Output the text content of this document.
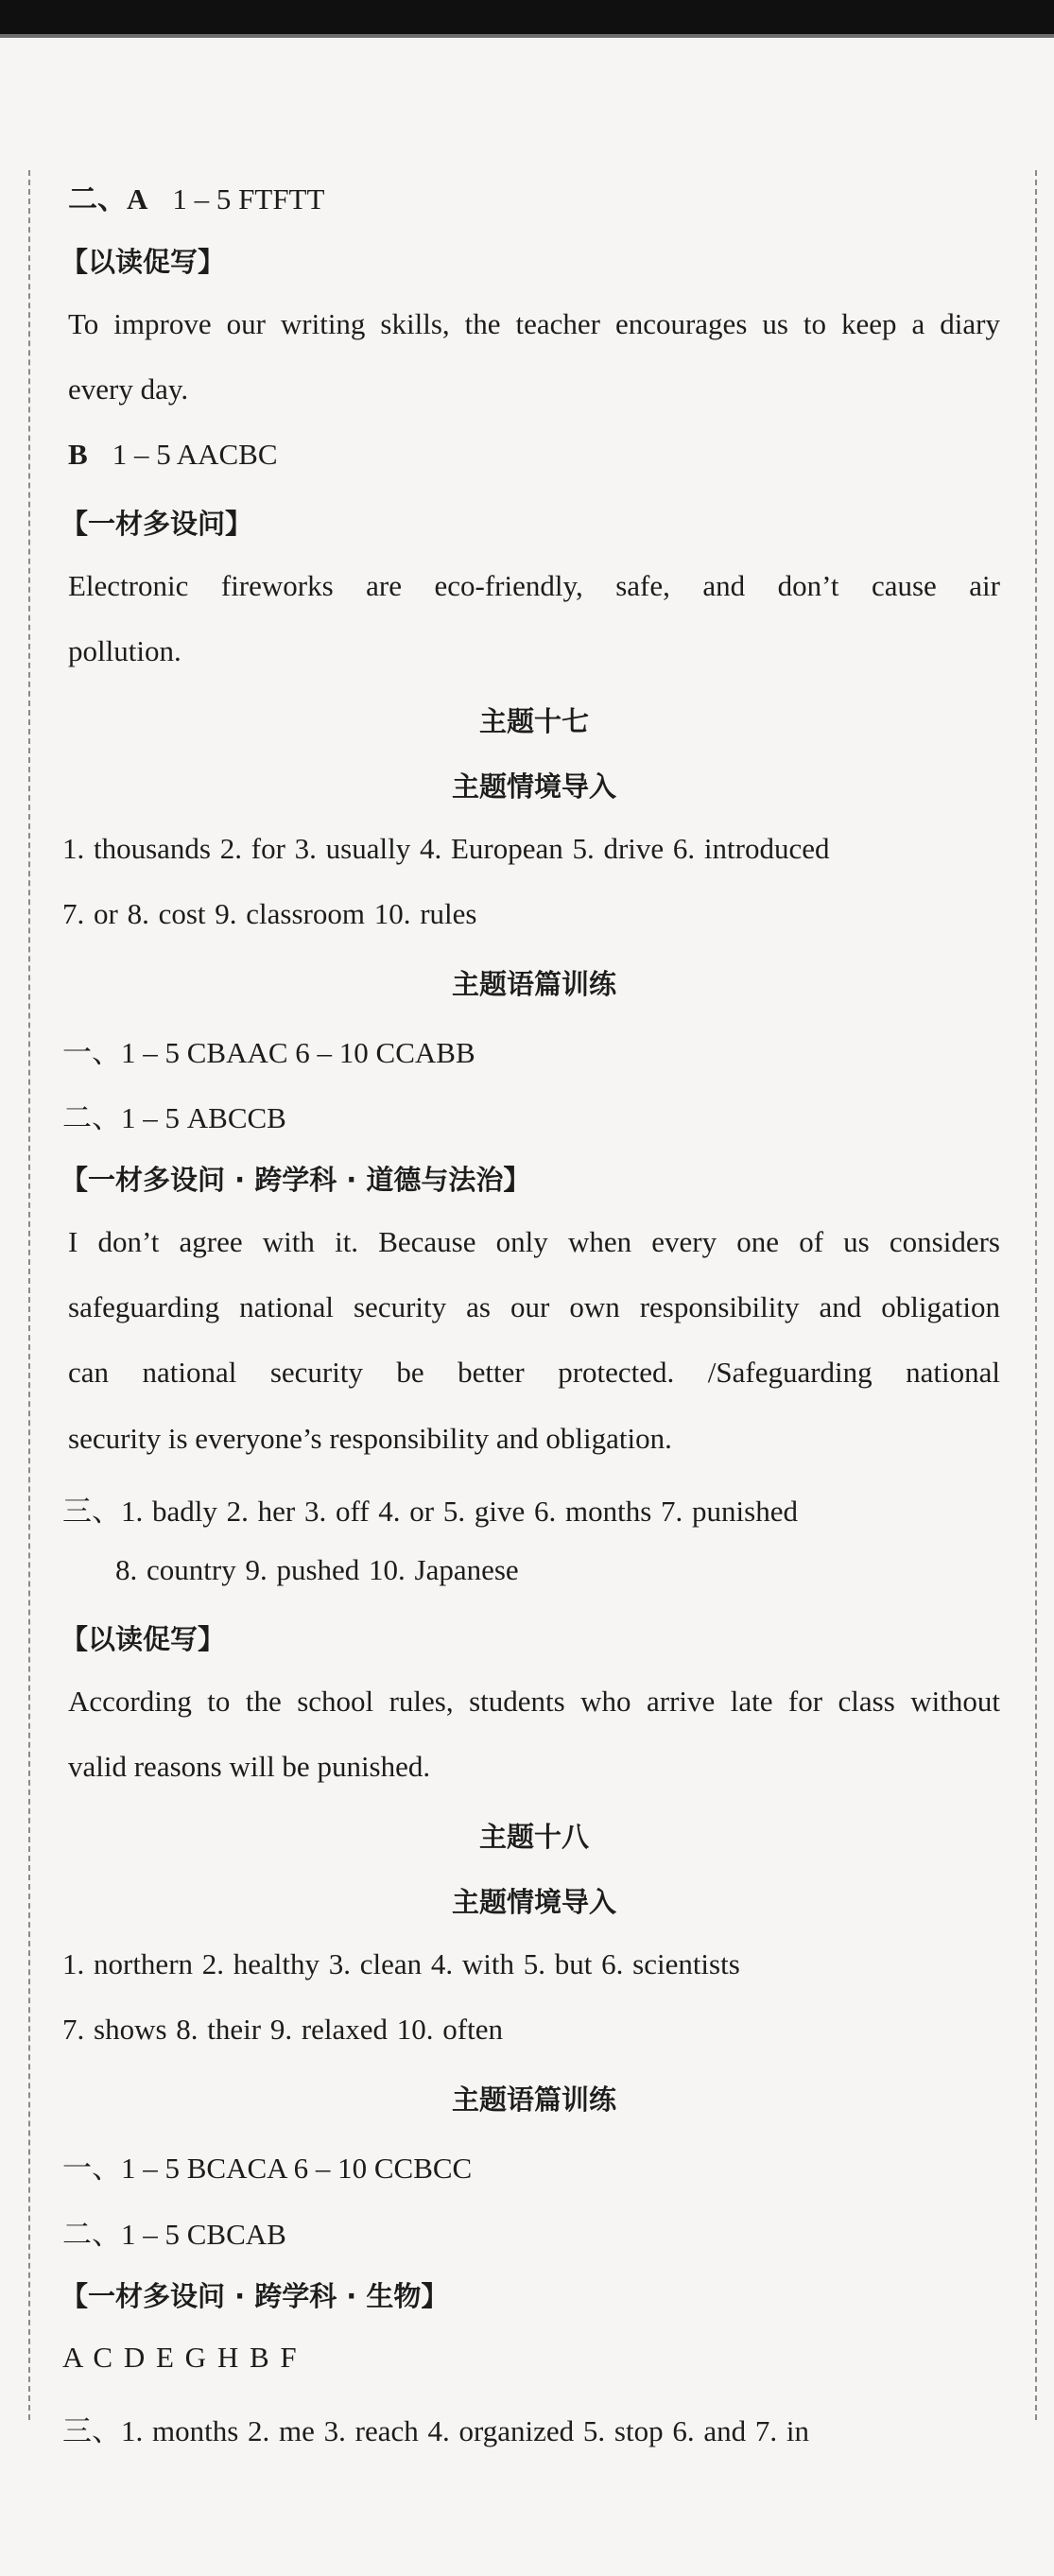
二、A 1 – 5 FTFTT
【以读促写】
To improve our writing skills, the teacher encourages us to keep a diary
every day.
B 1 – 5 AACBC
【一材多设问】
Electronic fireworks are eco-friendly, safe, and don’t cause air
pollution.
主题十七
主题情境导入
1. thousands 2. for 3. usually 4. European 5. drive 6. introduced
7. or 8. cost 9. classroom 10. rules
主题语篇训练
一、1 – 5 CBAAC 6 – 10 CCABB
二、1 – 5 ABCCB
【一材多设问 · 跨学科 · 道德与法治】
I don’t agree with it. Because only when every one of us considers
safeguarding national security as our own responsibility and obligation
can national security be better protected. /Safeguarding national
security is everyone’s responsibility and obligation.
三、1. badly 2. her 3. off 4. or 5. give 6. months 7. punished
8. country 9. pushed 10. Japanese
【以读促写】
According to the school rules, students who arrive late for class without
valid reasons will be punished.
主题十八
主题情境导入
1. northern 2. healthy 3. clean 4. with 5. but 6. scientists
7. shows 8. their 9. relaxed 10. often
主题语篇训练
一、1 – 5 BCACA 6 – 10 CCBCC
二、1 – 5 CBCAB
【一材多设问 · 跨学科 · 生物】
A C D E G H B F
三、1. months 2. me 3. reach 4. organized 5. stop 6. and 7. in
